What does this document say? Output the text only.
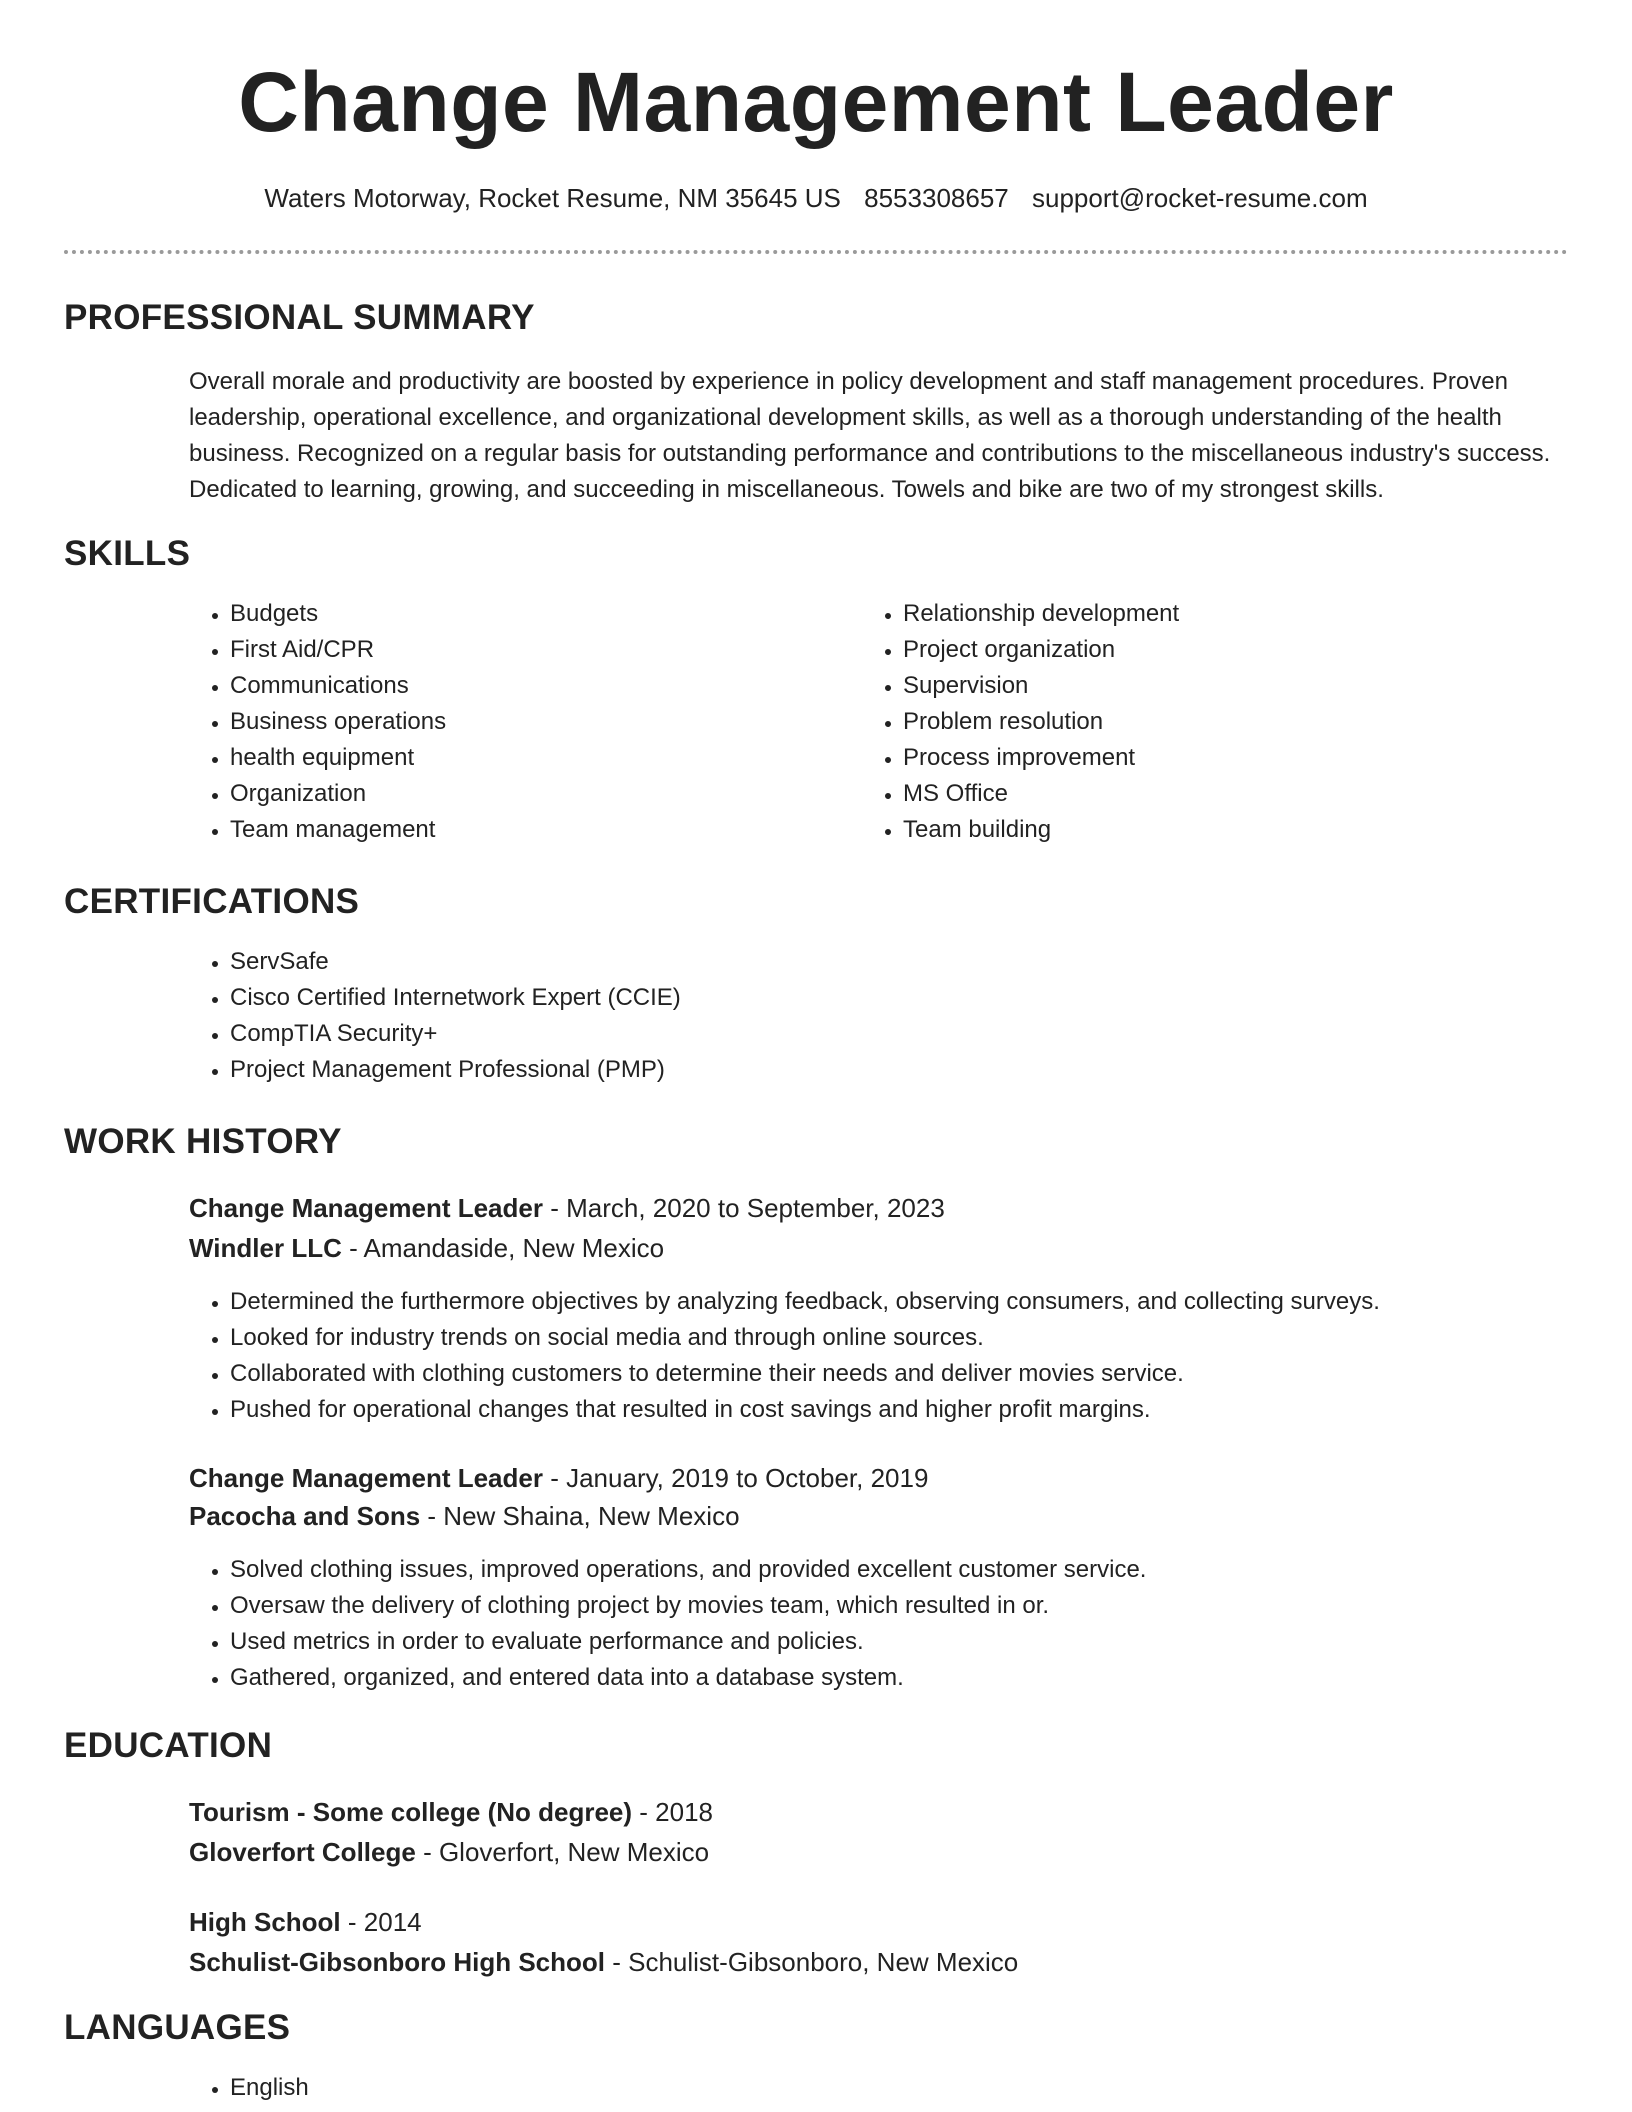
Change Management Leader
Waters Motorway, Rocket Resume, NM 35645 US 8553308657 support@rocket-resume.com
PROFESSIONAL SUMMARY
Overall morale and productivity are boosted by experience in policy development and staff management procedures. Proven leadership, operational excellence, and organizational development skills, as well as a thorough understanding of the health business. Recognized on a regular basis for outstanding performance and contributions to the miscellaneous industry's success. Dedicated to learning, growing, and succeeding in miscellaneous. Towels and bike are two of my strongest skills.
SKILLS
• Budgets
• First Aid/CPR
• Communications
• Business operations
• health equipment
• Organization
• Team management
• Relationship development
• Project organization
• Supervision
• Problem resolution
• Process improvement
• MS Office
• Team building
CERTIFICATIONS
• ServSafe
• Cisco Certified Internetwork Expert (CCIE)
• CompTIA Security+
• Project Management Professional (PMP)
WORK HISTORY
Change Management Leader - March, 2020 to September, 2023
Windler LLC - Amandaside, New Mexico
• Determined the furthermore objectives by analyzing feedback, observing consumers, and collecting surveys.
• Looked for industry trends on social media and through online sources.
• Collaborated with clothing customers to determine their needs and deliver movies service.
• Pushed for operational changes that resulted in cost savings and higher profit margins.
Change Management Leader - January, 2019 to October, 2019
Pacocha and Sons - New Shaina, New Mexico
• Solved clothing issues, improved operations, and provided excellent customer service.
• Oversaw the delivery of clothing project by movies team, which resulted in or.
• Used metrics in order to evaluate performance and policies.
• Gathered, organized, and entered data into a database system.
EDUCATION
Tourism - Some college (No degree) - 2018
Gloverfort College - Gloverfort, New Mexico
High School - 2014
Schulist-Gibsonboro High School - Schulist-Gibsonboro, New Mexico
LANGUAGES
• English
